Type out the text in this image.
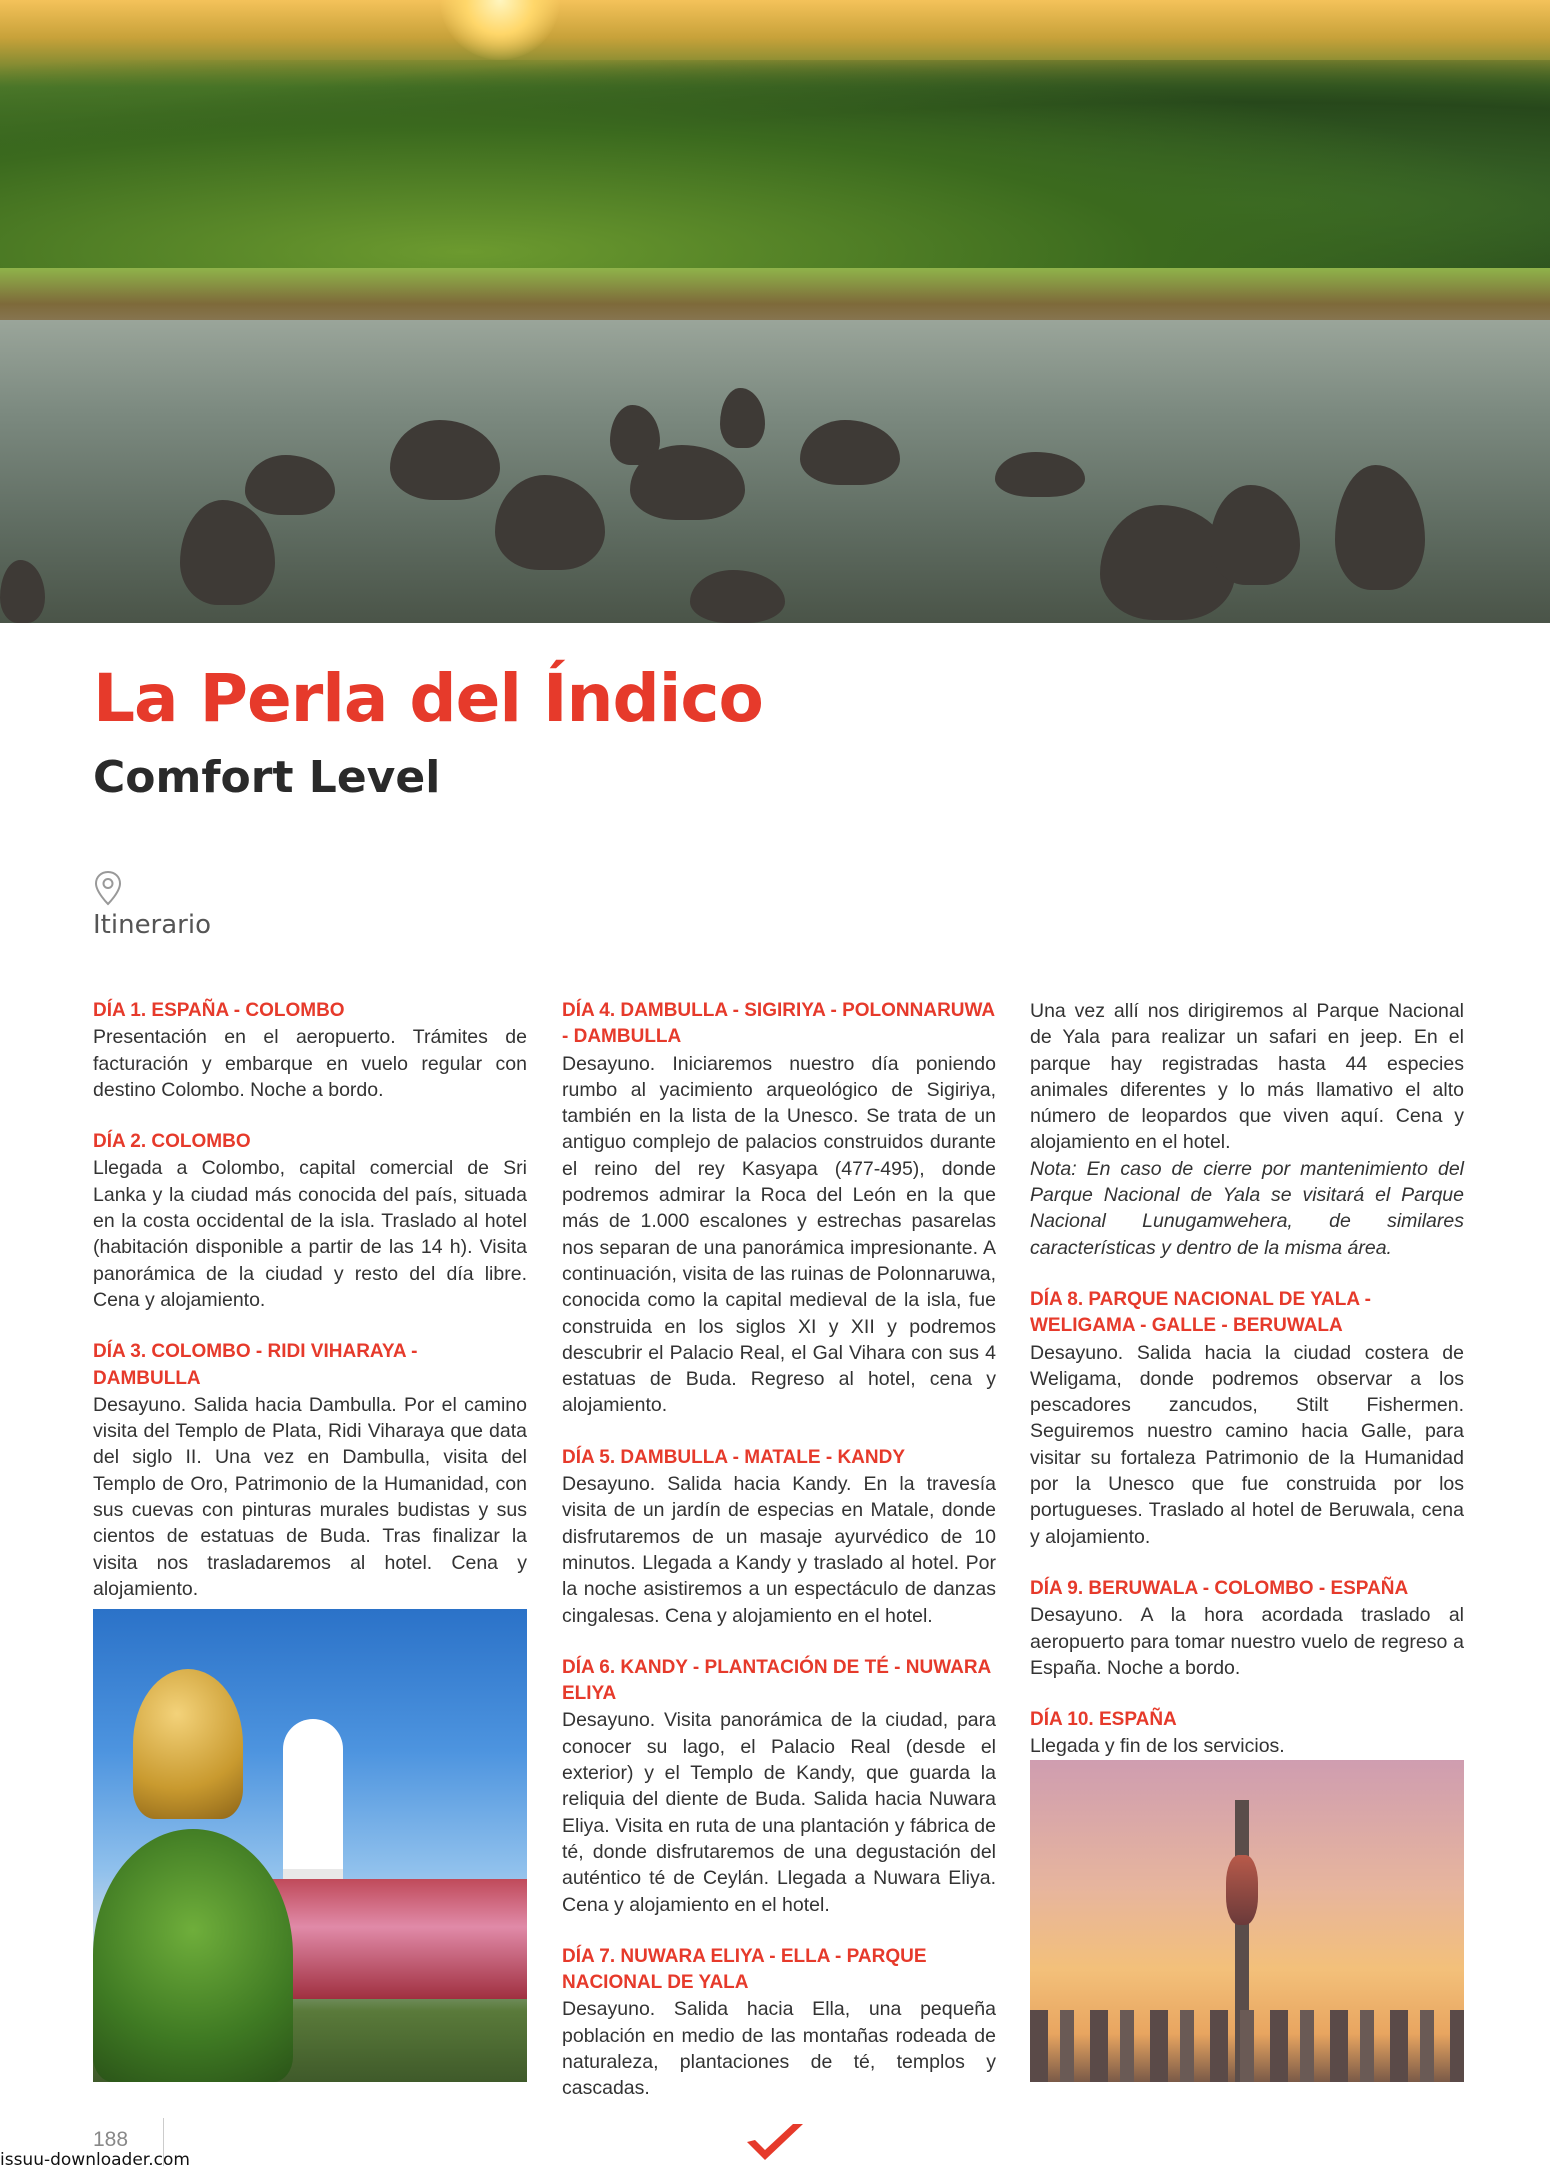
La Perla del Índico
Comfort Level
Itinerario
DÍA 1. ESPAÑA - COLOMBO

Presentación en el aeropuerto. Trámites de facturación y embarque en vuelo regular con destino Colombo. Noche a bordo.

DÍA 2. COLOMBO

Llegada a Colombo, capital comercial de Sri Lanka y la ciudad más conocida del país, situada en la costa occidental de la isla. Traslado al hotel (habitación disponible a partir de las 14 h). Visita panorámica de la ciudad y resto del día libre. Cena y alojamiento.

DÍA 3. COLOMBO - RIDI VIHARAYA - DAMBULLA

Desayuno. Salida hacia Dambulla. Por el camino visita del Templo de Plata, Ridi Viharaya que data del siglo II. Una vez en Dambulla, visita del Templo de Oro, Patrimonio de la Humanidad, con sus cuevas con pinturas murales budistas y sus cientos de estatuas de Buda. Tras finalizar la visita nos trasladaremos al hotel. Cena y alojamiento.

DÍA 4. DAMBULLA - SIGIRIYA - POLONNARUWA - DAMBULLA

Desayuno. Iniciaremos nuestro día poniendo rumbo al yacimiento arqueológico de Sigiriya, también en la lista de la Unesco. Se trata de un antiguo complejo de palacios construidos durante el reino del rey Kasyapa (477-495), donde podremos admirar la Roca del León en la que más de 1.000 escalones y estrechas pasarelas nos separan de una panorámica impresionante. A continuación, visita de las ruinas de Polonnaruwa, conocida como la capital medieval de la isla, fue construida en los siglos XI y XII y podremos descubrir el Palacio Real, el Gal Vihara con sus 4 estatuas de Buda. Regreso al hotel, cena y alojamiento.

DÍA 5. DAMBULLA - MATALE - KANDY

Desayuno. Salida hacia Kandy. En la travesía visita de un jardín de especias en Matale, donde disfrutaremos de un masaje ayurvédico de 10 minutos. Llegada a Kandy y traslado al hotel. Por la noche asistiremos a un espectáculo de danzas cingalesas. Cena y alojamiento en el hotel.

DÍA 6. KANDY - PLANTACIÓN DE TÉ - NUWARA ELIYA

Desayuno. Visita panorámica de la ciudad, para conocer su lago, el Palacio Real (desde el exterior) y el Templo de Kandy, que guarda la reliquia del diente de Buda. Salida hacia Nuwara Eliya. Visita en ruta de una plantación y fábrica de té, donde disfrutaremos de una degustación del auténtico té de Ceylán. Llegada a Nuwara Eliya. Cena y alojamiento en el hotel.

DÍA 7. NUWARA ELIYA - ELLA - PARQUE NACIONAL DE YALA

Desayuno. Salida hacia Ella, una pequeña población en medio de las montañas rodeada de naturaleza, plantaciones de té, templos y cascadas.

Una vez allí nos dirigiremos al Parque Nacional de Yala para realizar un safari en jeep. En el parque hay registradas hasta 44 especies animales diferentes y lo más llamativo el alto número de leopardos que viven aquí. Cena y alojamiento en el hotel.

Nota: En caso de cierre por mantenimiento del Parque Nacional de Yala se visitará el Parque Nacional Lunugamwehera, de similares características y dentro de la misma área.

DÍA 8. PARQUE NACIONAL DE YALA - WELIGAMA - GALLE - BERUWALA

Desayuno. Salida hacia la ciudad costera de Weligama, donde podremos observar a los pescadores zancudos, Stilt Fishermen. Seguiremos nuestro camino hacia Galle, para visitar su fortaleza Patrimonio de la Humanidad por la Unesco que fue construida por los portugueses. Traslado al hotel de Beruwala, cena y alojamiento.

DÍA 9. BERUWALA - COLOMBO - ESPAÑA

Desayuno. A la hora acordada traslado al aeropuerto para tomar nuestro vuelo de regreso a España. Noche a bordo.

DÍA 10. ESPAÑA

Llegada y fin de los servicios.

188
issuu-downloader.com
